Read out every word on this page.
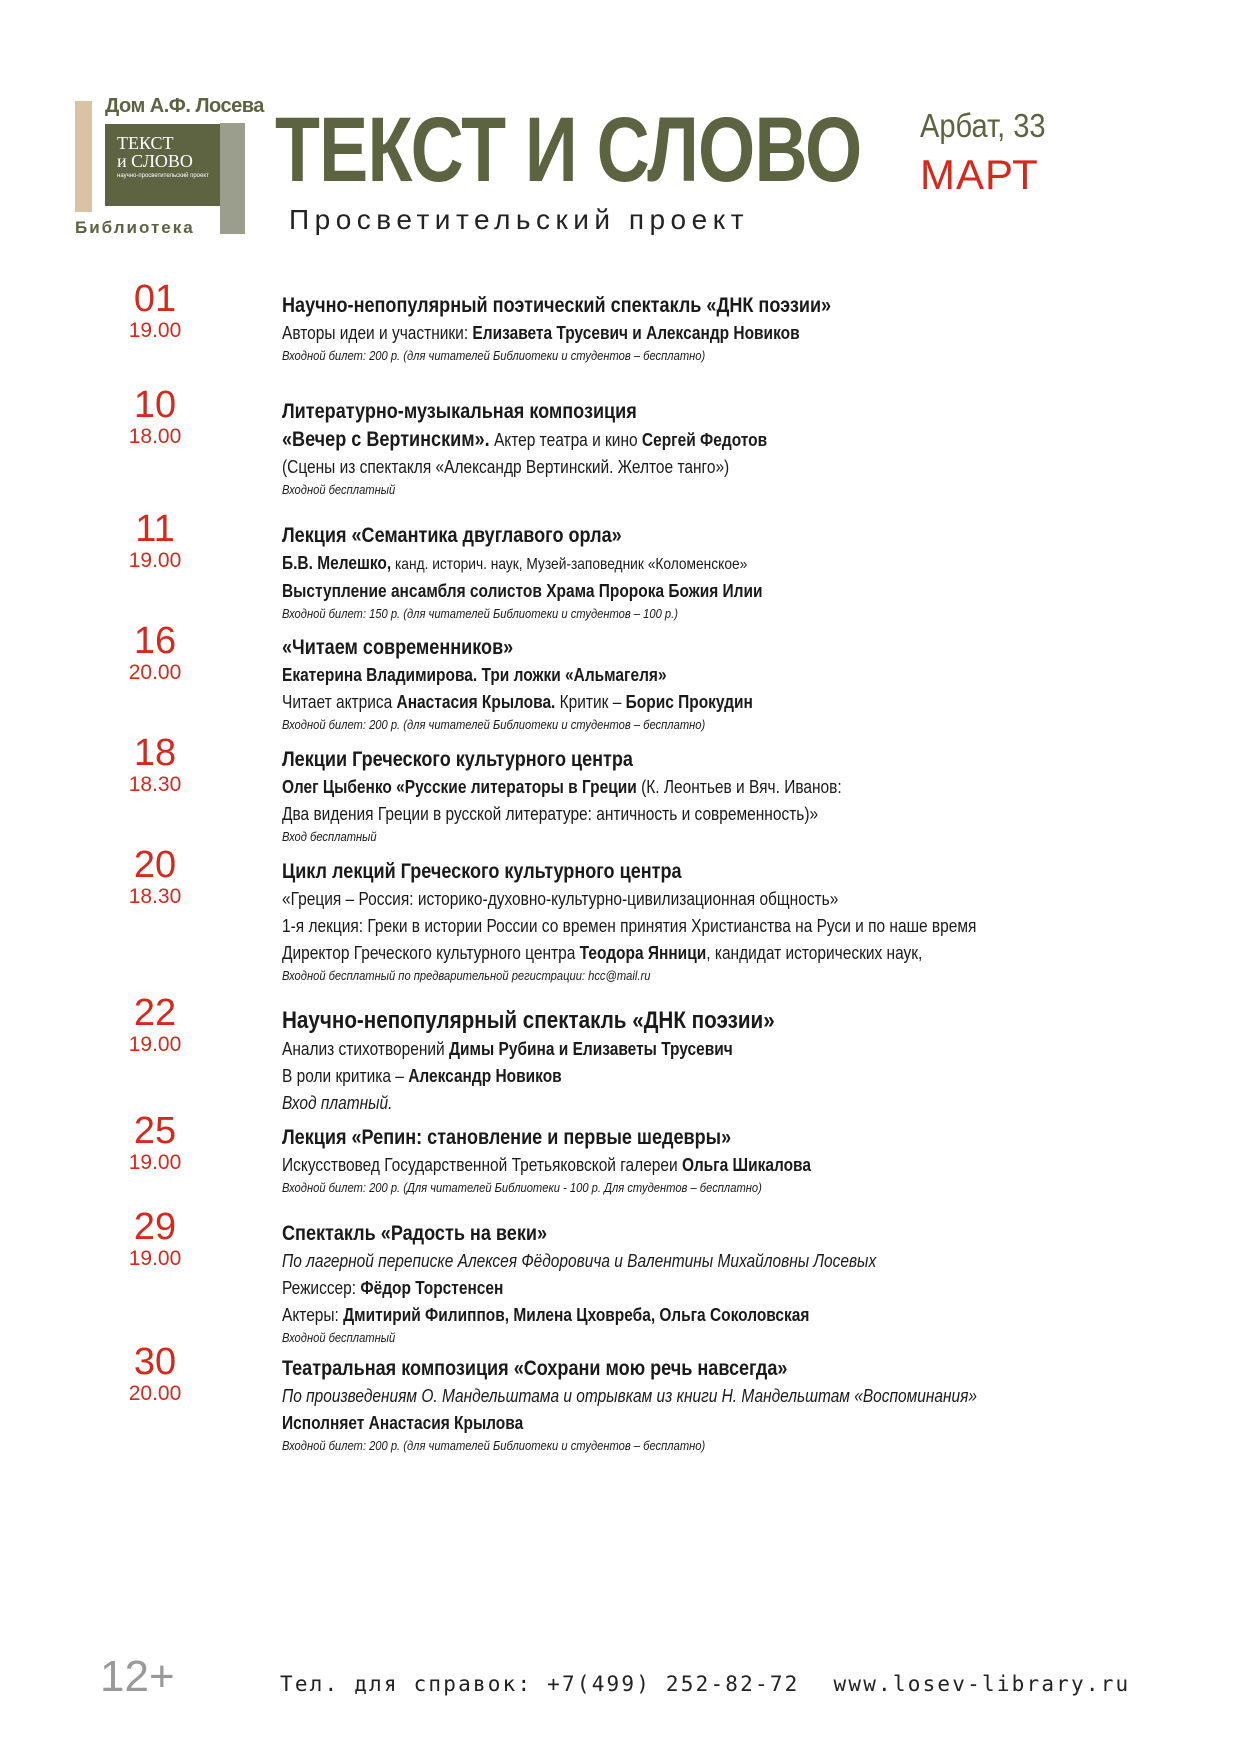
Дом А.Ф. Лосева
ТЕКСТ
и СЛОВО
научно-просветительский проект
Библиотека
ТЕКСТ И СЛОВО
Просветительский проект
Арбат, 33
МАРТ
01
19.00
Научно-непопулярный поэтический спектакль «ДНК поэзии»
Авторы идеи и участники: Елизавета Трусевич и Александр Новиков
Входной билет: 200 р. (для читателей Библиотеки и студентов – бесплатно)
10
18.00
Литературно-музыкальная композиция
«Вечер с Вертинским». Актер театра и кино Сергей Федотов
(Сцены из спектакля «Александр Вертинский. Желтое танго»)
Входной бесплатный
11
19.00
Лекция «Семантика двуглавого орла»
Б.В. Мелешко, канд. историч. наук, Музей-заповедник «Коломенское»
Выступление ансамбля солистов Храма Пророка Божия Илии
Входной билет: 150 р. (для читателей Библиотеки и студентов – 100 р.)
16
20.00
«Читаем современников»
Екатерина Владимирова. Три ложки «Альмагеля»
Читает актриса Анастасия Крылова. Критик – Борис Прокудин
Входной билет: 200 р. (для читателей Библиотеки и студентов – бесплатно)
18
18.30
Лекции Греческого культурного центра
Олег Цыбенко «Русские литераторы в Греции (К. Леонтьев и Вяч. Иванов:
Два видения Греции в русской литературе: античность и современность)»
Вход бесплатный
20
18.30
Цикл лекций Греческого культурного центра
«Греция – Россия: историко-духовно-культурно-цивилизационная общность»
1-я лекция: Греки в истории России со времен принятия Христианства на Руси и по наше время
Директор Греческого культурного центра Теодора Янници, кандидат исторических наук,
Входной бесплатный по предварительной регистрации: hcc@mail.ru
22
19.00
Научно-непопулярный спектакль «ДНК поэзии»
Анализ стихотворений Димы Рубина и Елизаветы Трусевич
В роли критика – Александр Новиков
Вход платный.
25
19.00
Лекция «Репин: становление и первые шедевры»
Искусствовед Государственной Третьяковской галереи Ольга Шикалова
Входной билет: 200 р. (Для читателей Библиотеки - 100 р. Для студентов – бесплатно)
29
19.00
Спектакль «Радость на веки»
По лагерной переписке Алексея Фёдоровича и Валентины Михайловны Лосевых
Режиссер: Фёдор Торстенсен
Актеры: Дмитирий Филиппов, Милена Цховреба, Ольга Соколовская
Входной бесплатный
30
20.00
Театральная композиция «Сохрани мою речь навсегда»
По произведениям О. Мандельштама и отрывкам из книги Н. Мандельштам «Воспоминания»
Исполняет Анастасия Крылова
Входной билет: 200 р. (для читателей Библиотеки и студентов – бесплатно)
12+	Тел. для справок: +7(499) 252-82-72 www.losev-library.ru
